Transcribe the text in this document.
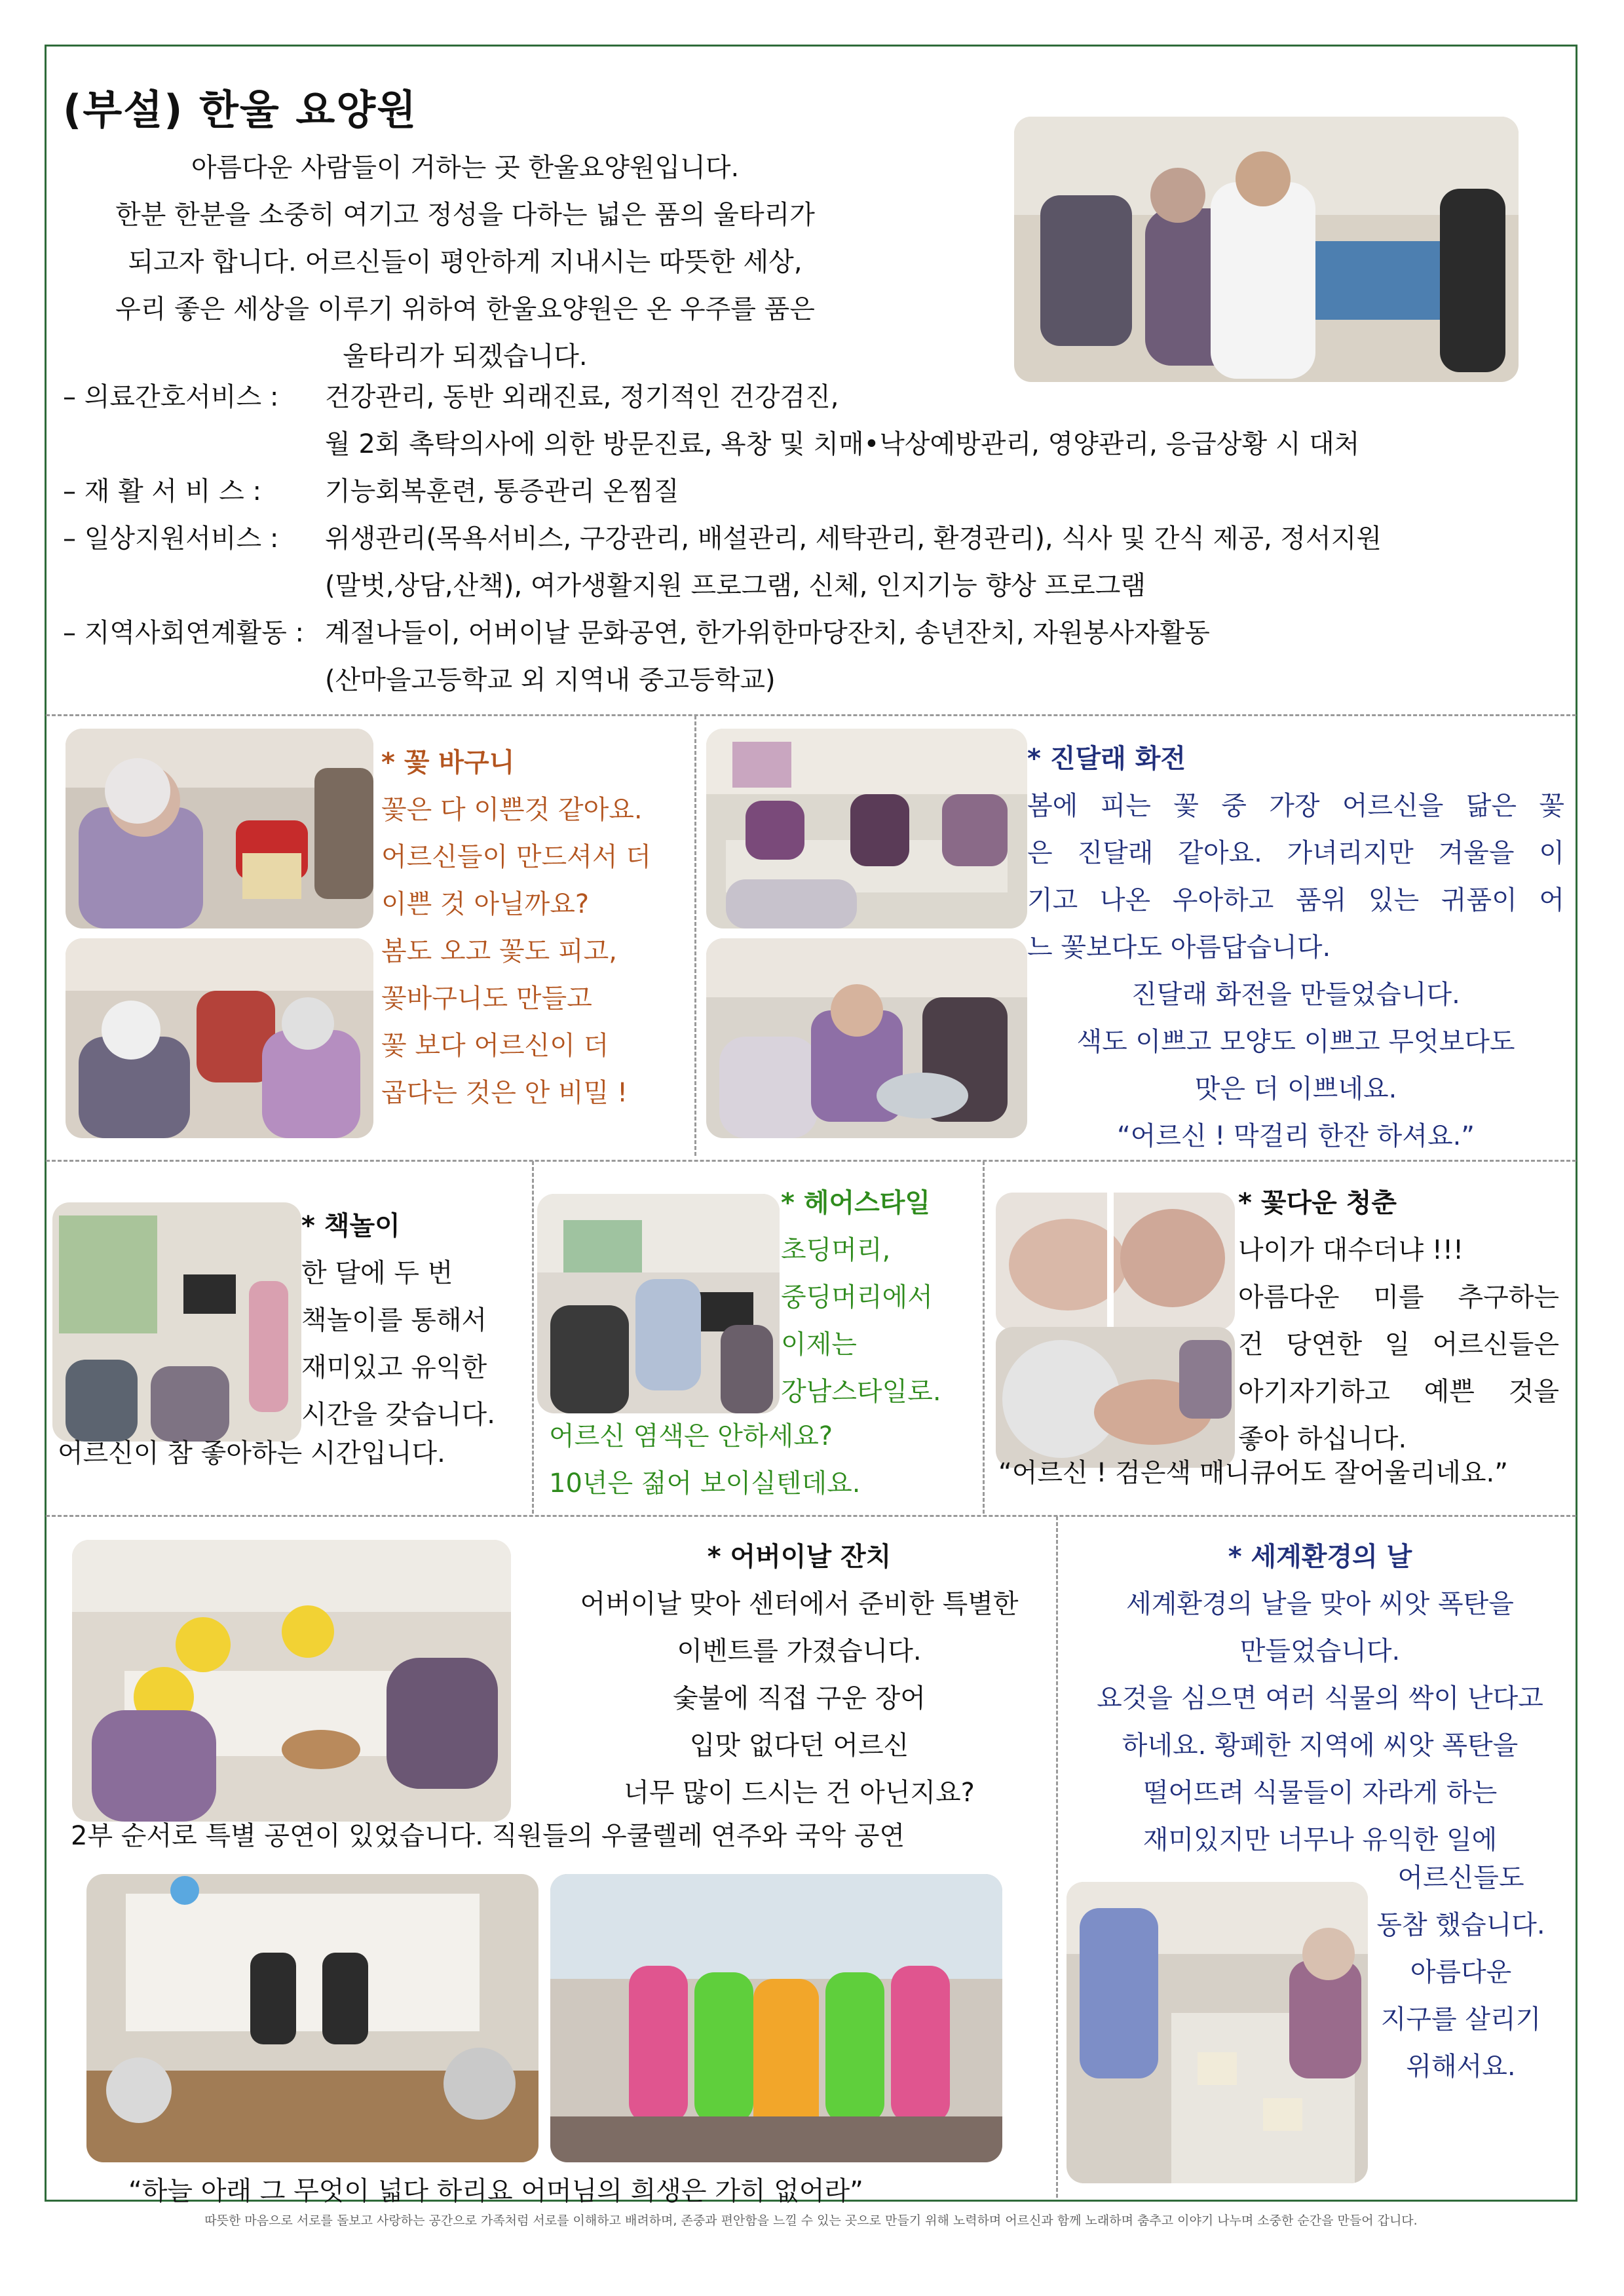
(부설) 한울 요양원
아름다운 사람들이 거하는 곳 한울요양원입니다.
한분 한분을 소중히 여기고 정성을 다하는 넓은 품의 울타리가
되고자 합니다. 어르신들이 평안하게 지내시는 따뜻한 세상,
우리 좋은 세상을 이루기 위하여 한울요양원은 온 우주를 품은
울타리가 되겠습니다.
– 의료간호서비스 : 건강관리, 동반 외래진료, 정기적인 건강검진,
월 2회 촉탁의사에 의한 방문진료, 욕창 및 치매•낙상예방관리, 영양관리, 응급상황 시 대처
– 재 활 서 비 스 : 기능회복훈련, 통증관리 온찜질
– 일상지원서비스 : 위생관리(목욕서비스, 구강관리, 배설관리, 세탁관리, 환경관리), 식사 및 간식 제공, 정서지원
(말벗,상담,산책), 여가생활지원 프로그램, 신체, 인지기능 향상 프로그램
– 지역사회연계활동 : 계절나들이, 어버이날 문화공연, 한가위한마당잔치, 송년잔치, 자원봉사자활동
(산마을고등학교 외 지역내 중고등학교)
* 꽃 바구니
꽃은 다 이쁜것 같아요.
어르신들이 만드셔서 더
이쁜 것 아닐까요?
봄도 오고 꽃도 피고,
꽃바구니도 만들고
꽃 보다 어르신이 더
곱다는 것은 안 비밀 !
* 진달래 화전
봄에 피는 꽃 중 가장 어르신을 닮은 꽃
은 진달래 같아요. 가녀리지만 겨울을 이
기고 나온 우아하고 품위 있는 귀품이 어
느 꽃보다도 아름답습니다.
진달래 화전을 만들었습니다.
색도 이쁘고 모양도 이쁘고 무엇보다도
맛은 더 이쁘네요.
“어르신 ! 막걸리 한잔 하셔요.”
* 책놀이
한 달에 두 번
책놀이를 통해서
재미있고 유익한
시간을 갖습니다.
어르신이 참 좋아하는 시간입니다.
* 헤어스타일
초딩머리,
중딩머리에서
이제는
강남스타일로.
어르신 염색은 안하세요?
10년은 젊어 보이실텐데요.
* 꽃다운 청춘
나이가 대수더냐 !!!
아름다운 미를 추구하는
건 당연한 일 어르신들은
아기자기하고 예쁜 것을
좋아 하십니다.
“어르신 ! 검은색 매니큐어도 잘어울리네요.”
* 어버이날 잔치
어버이날 맞아 센터에서 준비한 특별한
이벤트를 가졌습니다.
숯불에 직접 구운 장어
입맛 없다던 어르신
너무 많이 드시는 건 아닌지요?
2부 순서로 특별 공연이 있었습니다. 직원들의 우쿨렐레 연주와 국악 공연
“하늘 아래 그 무엇이 넓다 하리요 어머님의 희생은 가히 없어라”
* 세계환경의 날
세계환경의 날을 맞아 씨앗 폭탄을
만들었습니다.
요것을 심으면 여러 식물의 싹이 난다고
하네요. 황폐한 지역에 씨앗 폭탄을
떨어뜨려 식물들이 자라게 하는
재미있지만 너무나 유익한 일에
어르신들도
동참 했습니다.
아름다운
지구를 살리기
위해서요.
따뜻한 마음으로 서로를 돌보고 사랑하는 공간으로 가족처럼 서로를 이해하고 배려하며, 존중과 편안함을 느낄 수 있는 곳으로 만들기 위해 노력하며 어르신과 함께 노래하며 춤추고 이야기 나누며 소중한 순간을 만들어 갑니다.
